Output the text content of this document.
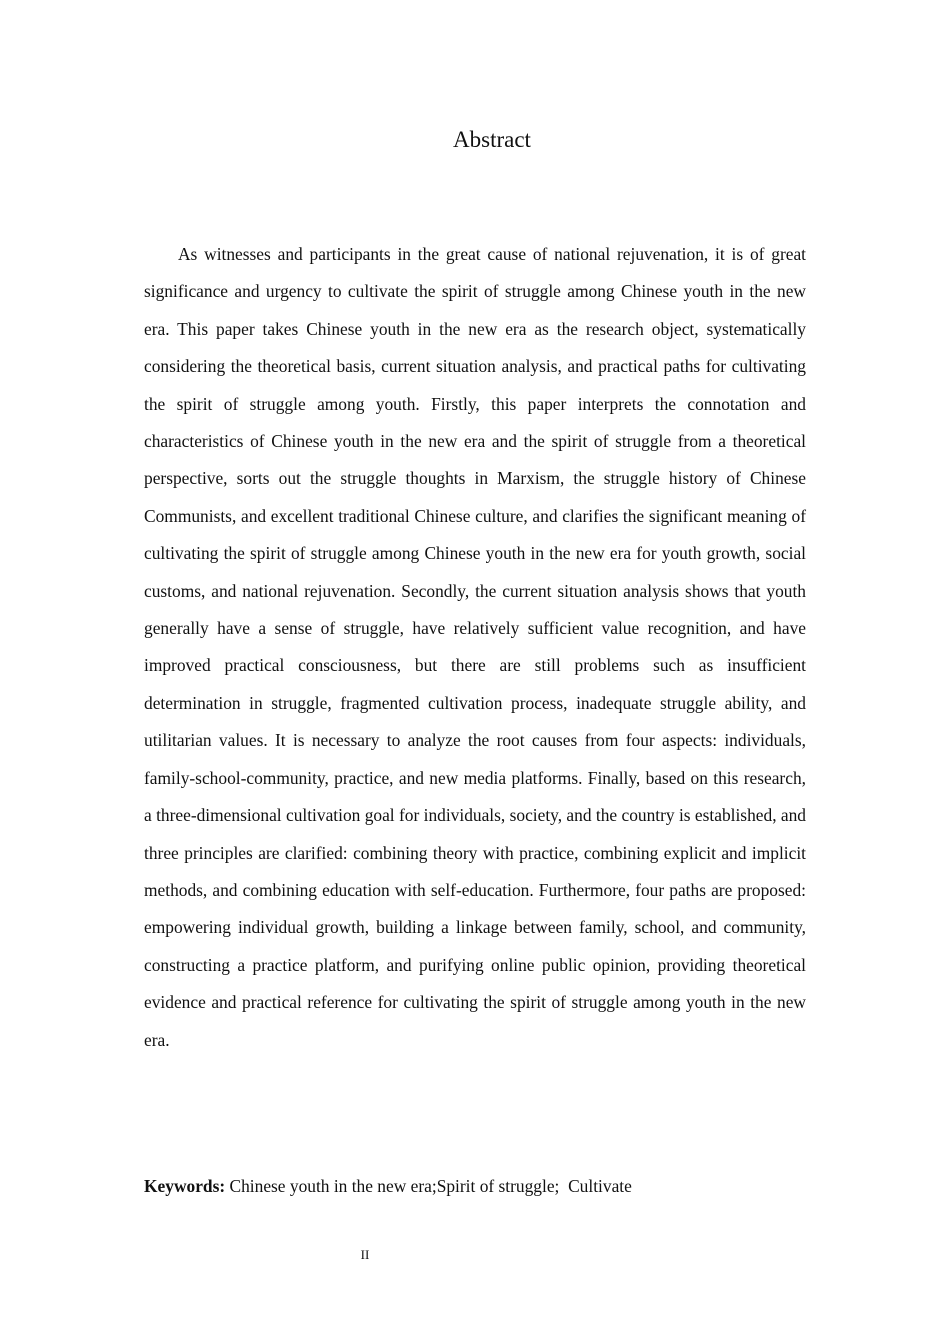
Abstract

As witnesses and participants in the great cause of national rejuvenation, it is of great significance and urgency to cultivate the spirit of struggle among Chinese youth in the new era. This paper takes Chinese youth in the new era as the research object, systematically considering the theoretical basis, current situation analysis, and practical paths for cultivating the spirit of struggle among youth. Firstly, this paper interprets the connotation and characteristics of Chinese youth in the new era and the spirit of struggle from a theoretical perspective, sorts out the struggle thoughts in Marxism, the struggle history of Chinese Communists, and excellent traditional Chinese culture, and clarifies the significant meaning of cultivating the spirit of struggle among Chinese youth in the new era for youth growth, social customs, and national rejuvenation. Secondly, the current situation analysis shows that youth generally have a sense of struggle, have relatively sufficient value recognition, and have improved practical consciousness, but there are still problems such as insufficient determination in struggle, fragmented cultivation process, inadequate struggle ability, and utilitarian values. It is necessary to analyze the root causes from four aspects: individuals, family-school-community, practice, and new media platforms. Finally, based on this research, a three-dimensional cultivation goal for individuals, society, and the country is established, and three principles are clarified: combining theory with practice, combining explicit and implicit methods, and combining education with self-education. Furthermore, four paths are proposed: empowering individual growth, building a linkage between family, school, and community, constructing a practice platform, and purifying online public opinion, providing theoretical evidence and practical reference for cultivating the spirit of struggle among youth in the new era.

Keywords: Chinese youth in the new era;Spirit of struggle;  Cultivate

II
